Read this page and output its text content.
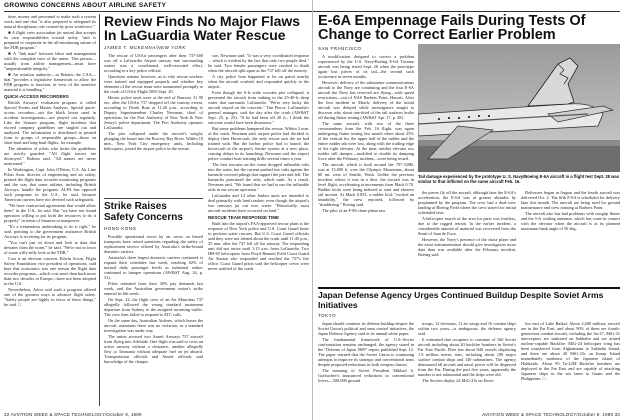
GROWING CONCERNS ABOUT AIRLINE SAFETY

time, money and personnel to make such a system work, and one that "is also prepared to safeguard its natural disciplinary role created by prior workforce."

■ A flight crew association (or union) that accepts its own responsibilities toward safety "and is prepared to cooperate in the all-monitoring nature of the FDR program."

■ A "link man" between labor and management with the complete trust of the union. This person—usually from airline management—must have "unquestionable integrity."

■ An aviation authority—in Britain, the CAA—that "provides a legislative framework to allow the FDR program to function, in view of the sensitive material it is handling."

QUICK-ACCESS RECORDERS

British Airways' evaluation program is called Special Events and Master Analysis. Special quick-access recorders—not the black boxes used in accident investigations—are played out regularly. Like the Seasam program, flight incidents that exceed company guidelines are singled out and analyzed. The information is distributed in printed form to groups of responsible groups—those on short-haul and long-haul flights, for example.

The identities of pilots who broke the guidelines are strictly guarded. "All flight tracers are destroyed," Holtom said. "All names are never mentioned."

In Washington, Capt. John O'Brien, U.S. Air Line Pilots Assn. director of engineering and air safety, praised the flight data recorder monitoring programs and the way that some airlines, including British Airways, handle the program. ALPA has opposed such programs in the U.S., he said, because American carriers have not devised such safeguards.

"We have contractual agreements that would allow them" in the U.S., he said. But "we have not found operators willing to put forth the resources to do it properly" in terms of finances or manpower.

"It's a tremendous undertaking to do it right," he said, pointing to the government assistance British Airways is receiving for its program.

"You can't just sit down and look at data that deviates from the norm," he said. "We're not in favor of some willy-nilly look at the FDR."

Cost is an obvious concern. Edwin Acton, Flight Safety Foundation vice president of operations, said here that economics was one reason the flight data recorder programs—which cost more than back more than two decades in Europe—have not been adopted in the U.S.

Nevertheless, Arbor said such a program offered one of the greatest ways to advance flight safety. "Safety people are highly in favor of these things," he said. □

Review Finds No Major Flaws In LaGuardia Water Rescue
JAMES T. MCKENNA/NEW YORK

The rescue of USAir passengers after their 737-400 was off a LaGuardia Airport runway into surrounding waters was a coordinated, well-executed effort, according to a key police official.

Questions remain, however, as to why rescue workers were trained and equipped properly and whether key elements of the rescue team were summoned promptly to the crash of USAir Flight 5050 Sept. 20.

Hector police units were at the end of Runway 31 90 sec. after the USAir 737 dropped off the runway extent, according to Derek Ruiz at 11:20 p.m., according to Deputy Superintendent Charles Newman, chief of operations for the Port Authority of New York & New Jersey's police department. The Port Authority operates LaGuardia.

The pier collapsed under the aircraft's weight, plunging the board into the Bowery Bay River. Within 10 min., New York City emergency units, including helicopters, joined the airport police in the rescue.

cue, Newman said. "It was a very coordinated response ... which is evident by the fact that only two people died," he said. Two female passengers were crushed to death when the aircraft split apart as the 737 fell off the runway.

A city police boat happened to be on patrol nearby when the aircraft crashed, and responded quickly to the airport.

Even though the 6-ft.-wide wooden pier collapsed, it prevented the aircraft from sinking in the 25-40-ft.-deep water that surrounds LaGuardia. "We're very lucky the aircraft stayed on the concrete," Tim Pierce, LaGuardia's general manager, said the day after the crash (AW&ST Sept. 25, p. 25). "If he had been off 20 ft., I think the outcome would have been disastrous."

But some problems hampered the rescue. Within 2 min. of the crash, Newman said, airport police had decided to deploy their Hovercraft, the only rescue unit the air had trained with. But the harbor police had to launch the hovercraft at the airport's fender system at a new place, causing delays in its launching. Newman said the airport police conduct boat training drills several times a year.

The first rescuers on the scene dropped inflatable rafts into the water, but the current pushed two rafts against the barnacle-covered pilings that support the pier and fell. The barnacles punctured the rafts, which sank. As a result, Newman said, "We found that we had to use the inflatable rafts in our rescue operation."

LaGuardia and 14 other harbor units are intended to deal primarily with land crashes, even though the airport's two runways jut out over water. "Historically, most aircraft incidents have occurred on land."

RESCUE TEAM RESPONSE TIME

Built into the airport's FAA-approved rescue plans is the response of New York police and U.S. Coast Guard boats to perform water rescues. But U.S. Coast Guard officials said they were not alerted about the crash until 11:45 p.m., 25 min. after the 737 fell off the runway. The responding unit did not arrive until 1:15 a.m. from LaGuardia. Two HH-65 helicopters from Floyd Bennett Field Coast Guard Air Station also responded and reached the 737's fire office. Coast Guard pilots said the helicopter crews were never notified of the crash.

Strike Raises Safety Concerns
HONG KONG

Possible operational errors by air crews on leased transports have raised questions regarding the safety of replacement service offered by Australia's strike-bound domestic carriers.

Australia's three largest domestic carriers continued to expand their schedules last week, reaching 62% of normal daily passenger levels as industrial strikes continued to hamper operations (AW&ST Aug. 24, p. 31).

Pilots retreated from their 30% pay demands last week, and the Australian government union's strike entered its 6th week.

On Sept. 22, the flight crew of an Air Mauritius 737 allegedly followed the wrong standard instrument departure from Sydney to the assigned incoming traffic. The crew then failed to respond to ATC calls.

On the same day, Australian Airlines, which leases the aircraft, maintains there was no violation, as a standard investigation was under way.

The union accused two Ansett Airways 737 aircraft from flying into Adelaide. One flight was said to cross an active runway without a clearance, another allegedly flew to Tasmania without adequate fuel on jet aboard. Transportation officials and Ansett officials said knowledge of the charges.

E-6A Empennage Fails During Tests Of Change to Correct Earlier Problem
SAN FRANCISCO

A modification designed to correct a problem experienced by the U.S. Navy/Boeing E-6A Tacamo aircraft was being tested Sept. 28 when the prototype again lost pieces of its tail—the second such occurrence in seven months.

However, delivery of the submarine communications aircraft to the Navy are continuing and the four E-6A aircraft the Navy has received are flying—with speed restrictions—out of NAS Barbers Point, Hawaii. After the first incident in March, delivery of the initial aircraft was delayed while investigators sought to discover why about one-third of the tail surfaces broke off during flutter testing (AW&ST Apr. 17, p. 28).

The same aircraft, with two of the three crewmembers from the Feb. 16 flight, was again undergoing flutter testing last month when about 25% of the vertical fin, the upper half of the rudder and the entire rudder tab were lost, along with the trailing edge of the right elevator. At the time, neither elevator nor rudder still damper—modified to double its damping force after the February incident—were being tested.

The aircraft, which is built around the 707-320B, was at 15,000 ft. over the Olympic Mountains, about 60 mi. west of Seattle, Wash. Unlike the previous incident, where it was in a dive, the aircraft was in level flight, accelerating at increments from Mach 0.70. Rudder kicks were being induced to start and observe tail motion. At Mach 0.853, a rudder kick "excited an instability," the crew reported, followed by "shuddering." Boeing said.

The pilot of an F-86 chase plane saw

Tail damage experienced by the prototype U. S. Navy/Boeing E-6A aircraft in a flight test Sept. 28 was similar to that inflicted on the same aircraft Feb. 16.

the pieces fly off the aircraft, although later the E-6A's acceleration, the E-6A was at greater altitudes by preplanned by the program. The crew had a dual-crew landing at Boeing Field where the crew stayed for initial scheduled tests.

A helicopter search of the area for parts was fruitless, due to the rugged terrain. In the earlier incident, a considerable amount of material was recovered from the Strait of Juan de Fuca.

However, the Navy's presence of the chase plane and the extra instrumentation should give investigators more data than was available after the February incident, Boeing said.

Deliveries began in August and the fourth aircraft was delivered Oct. 2. The fifth E-6A is scheduled for delivery later this month. The aircraft are being used for ground maintenance and crew training at Barbers Point.

The aircraft also has had problems with wingtip flutter and the 5-ft. trailing antennas, which has come in contact with the elevator when the aircraft is at its planned maximum bank angle of 50 deg.

Japan Defense Agency Urges Continued Buildup Despite Soviet Arms Initiatives
TOKYO

Japan should continue its defense buildup despite the Soviet Union's political and arms control initiatives, the Japan Defense Agency said in its annual white paper.

The fundamental framework of U.S.-Soviet confrontation remains unchanged, the agency stated in the "Defense of Japan 1989" report, published Sept. 12. The paper warned that the Soviet Union is continuing attempts to improve its strategic and conventional arms despite proposed reductions in both weapon classes.

The meaning of Soviet President Mikhail S. Gorbachev's announced reductions in conventional forces—500,000 ground

troops, 12 divisions, 11 air wings and 16 combat ships within two years—is ambiguous, the defense agency said.

It estimated that recapture to continue of 160 Soviet aircraft including about 20 backfire bombers in Soviet's Far East Pacific Fleet has about 840 vessels displacing 1.9 million metric tons, including about 100 major surface combat ships and 140 submarines. The agency denounced all aircraft and naval power will be dispersed from the Far. During the past five years, apparently the number is not substantial and the ships were old.

The Soviets deploy 24 MiG-23s on Etoro-

fuo east of Lake Baikal. About 2,400 military aircraft are in the Far East, and about 90% of them are fourth-generation combat aircraft, including the Su-27, MiG-31 interceptors are stationed on Sakhalin and are armed nuclear-capable Backfire. MiG-24 helicopter wing has been transferred from Afghanistan to Sakhalin Island, and there are about 40 MiG-23s on Iturup Island immediately northeast of the Japanese island of Hokkaido. About 85 Tu-22M Backfire bombers are deployed to the Far East and are capable of attacking Japanese ships in the sea lanes to Guam and the Philippines. □

32 AVIATION WEEK & SPACE TECHNOLOGY/October 9, 1989	AVIATION WEEK & SPACE TECHNOLOGY/October 9, 1989 33
